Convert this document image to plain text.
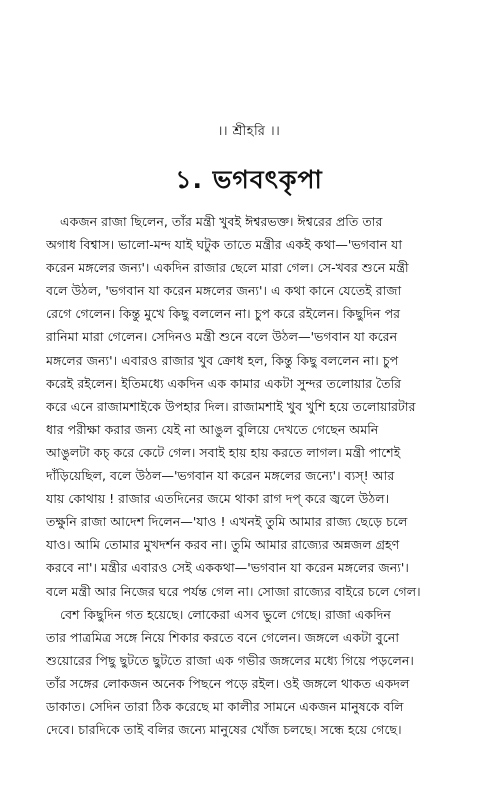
।। শ্রীহরি ।।
১. ভগবৎকৃপা
একজন রাজা ছিলেন, তাঁর মন্ত্রী খুবই ঈশ্বরভক্ত। ঈশ্বরের প্রতি তার
অগাধ বিশ্বাস। ভালো-মন্দ যাই ঘটুক তাতে মন্ত্রীর একই কথা—'ভগবান যা
করেন মঙ্গলের জন্য'। একদিন রাজার ছেলে মারা গেল। সে-খবর শুনে মন্ত্রী
বলে উঠল, 'ভগবান যা করেন মঙ্গলের জন্য'। এ কথা কানে যেতেই রাজা
রেগে গেলেন। কিন্তু মুখে কিছু বললেন না। চুপ করে রইলেন। কিছুদিন পর
রানিমা মারা গেলেন। সেদিনও মন্ত্রী শুনে বলে উঠল—'ভগবান যা করেন
মঙ্গলের জন্য'। এবারও রাজার খুব ক্রোধ হল, কিন্তু কিছু বললেন না। চুপ
করেই রইলেন। ইতিমধ্যে একদিন এক কামার একটা সুন্দর তলোয়ার তৈরি
করে এনে রাজামশাইকে উপহার দিল। রাজামশাই খুব খুশি হয়ে তলোয়ারটার
ধার পরীক্ষা করার জন্য যেই না আঙুল বুলিয়ে দেখতে গেছেন অমনি
আঙুলটা কচ্ করে কেটে গেল। সবাই হায় হায় করতে লাগল। মন্ত্রী পাশেই
দাঁড়িয়েছিল, বলে উঠল—'ভগবান যা করেন মঙ্গলের জন্যে'। ব্যস্! আর
যায় কোথায় ! রাজার এতদিনের জমে থাকা রাগ দপ্ করে জ্বলে উঠল।
তক্ষুনি রাজা আদেশ দিলেন—'যাও ! এখনই তুমি আমার রাজ্য ছেড়ে চলে
যাও। আমি তোমার মুখদর্শন করব না। তুমি আমার রাজ্যের অন্নজল গ্রহণ
করবে না'। মন্ত্রীর এবারও সেই এককথা—'ভগবান যা করেন মঙ্গলের জন্য'।
বলে মন্ত্রী আর নিজের ঘরে পর্যন্ত গেল না। সোজা রাজ্যের বাইরে চলে গেল।
বেশ কিছুদিন গত হয়েছে। লোকেরা এসব ভুলে গেছে। রাজা একদিন
তার পাত্রমিত্র সঙ্গে নিয়ে শিকার করতে বনে গেলেন। জঙ্গলে একটা বুনো
শুয়োরের পিছু ছুটতে ছুটতে রাজা এক গভীর জঙ্গলের মধ্যে গিয়ে পড়লেন।
তাঁর সঙ্গের লোকজন অনেক পিছনে পড়ে রইল। ওই জঙ্গলে থাকত একদল
ডাকাত। সেদিন তারা ঠিক করেছে মা কালীর সামনে একজন মানুষকে বলি
দেবে। চারদিকে তাই বলির জন্যে মানুষের খোঁজ চলছে। সন্ধে হয়ে গেছে।
